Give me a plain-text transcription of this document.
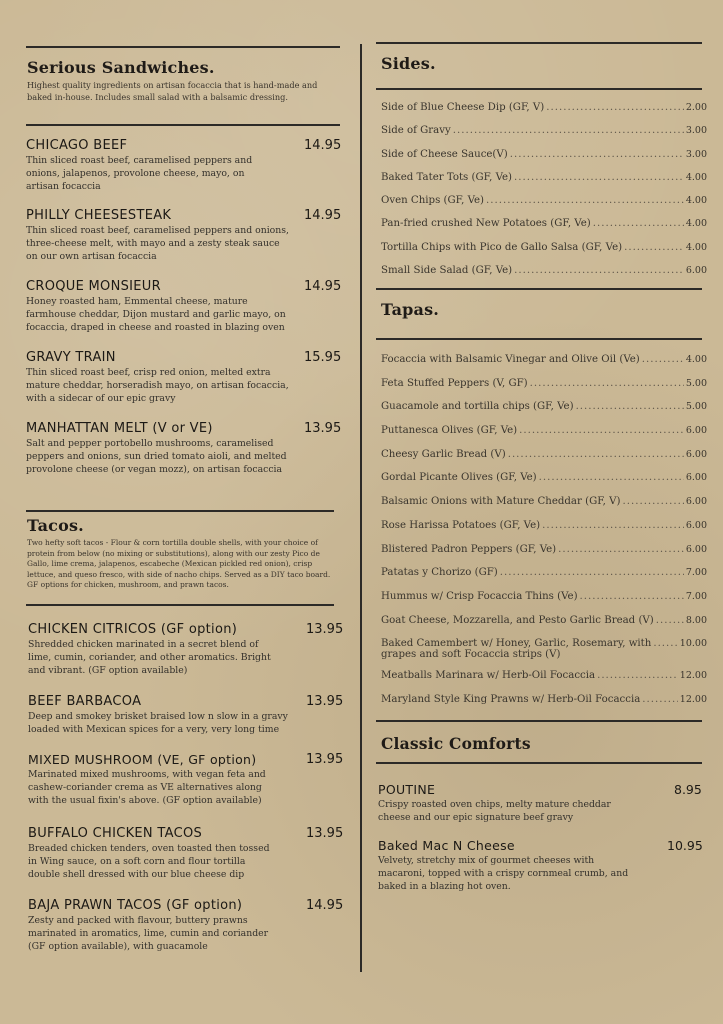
Serious Sandwiches.
Highest quality ingredients on artisan focaccia that is hand-made and baked in-house. Includes small salad with a balsamic dressing.
CHICAGO BEEF	14.95
Thin sliced roast beef, caramelised peppers and onions, jalapenos, provolone cheese, mayo, on artisan focaccia
PHILLY CHEESESTEAK	14.95
Thin sliced roast beef, caramelised peppers and onions, three-cheese melt, with mayo and a zesty steak sauce on our own artisan focaccia
CROQUE MONSIEUR	14.95
Honey roasted ham, Emmental cheese, mature farmhouse cheddar, Dijon mustard and garlic mayo, on focaccia, draped in cheese and roasted in blazing oven
GRAVY TRAIN	15.95
Thin sliced roast beef, crisp red onion, melted extra mature cheddar, horseradish mayo, on artisan focaccia, with a sidecar of our epic gravy
MANHATTAN MELT (V or VE)	13.95
Salt and pepper portobello mushrooms, caramelised peppers and onions, sun dried tomato aioli, and melted provolone cheese (or vegan mozz), on artisan focaccia
Tacos.
Two hefty soft tacos - Flour & corn tortilla double shells, with your choice of protein from below (no mixing or substitutions), along with our zesty Pico de Gallo, lime crema, jalapenos, escabeche (Mexican pickled red onion), crisp lettuce, and queso fresco, with side of nacho chips. Served as a DIY taco board. GF options for chicken, mushroom, and prawn tacos.
CHICKEN CITRICOS (GF option)	13.95
Shredded chicken marinated in a secret blend of lime, cumin, coriander, and other aromatics. Bright and vibrant. (GF option available)
BEEF BARBACOA	13.95
Deep and smokey brisket braised low n slow in a gravy loaded with Mexican spices for a very, very long time
MIXED MUSHROOM (VE, GF option)	13.95
Marinated mixed mushrooms, with vegan feta and cashew-coriander crema as VE alternatives along with the usual fixin's above. (GF option available)
BUFFALO CHICKEN TACOS	13.95
Breaded chicken tenders, oven toasted then tossed in Wing sauce, on a soft corn and flour tortilla double shell dressed with our blue cheese dip
BAJA PRAWN TACOS (GF option)	14.95
Zesty and packed with flavour, buttery prawns marinated in aromatics, lime, cumin and coriander (GF option available), with guacamole
Sides.
Side of Blue Cheese Dip (GF, V) .....	2.00
Side of Gravy .....	3.00
Side of Cheese Sauce(V) .....	3.00
Baked Tater Tots (GF, Ve) .....	4.00
Oven Chips (GF, Ve) .....	4.00
Pan-fried crushed New Potatoes (GF, Ve) .....	4.00
Tortilla Chips with Pico de Gallo Salsa (GF, Ve) .....	4.00
Small Side Salad (GF, Ve) .....	6.00
Tapas.
Focaccia with Balsamic Vinegar and Olive Oil (Ve) .....	4.00
Feta Stuffed Peppers (V, GF) .....	5.00
Guacamole and tortilla chips (GF, Ve) .....	5.00
Puttanesca Olives (GF, Ve) .....	6.00
Cheesy Garlic Bread (V) .....	6.00
Gordal Picante Olives (GF, Ve) .....	6.00
Balsamic Onions with Mature Cheddar (GF, V) .....	6.00
Rose Harissa Potatoes (GF, Ve) .....	6.00
Blistered Padron Peppers (GF, Ve) .....	6.00
Patatas y Chorizo (GF) .....	7.00
Hummus w/ Crisp Focaccia Thins (Ve) .....	7.00
Goat Cheese, Mozzarella, and Pesto Garlic Bread (V) .....	8.00
Baked Camembert w/ Honey, Garlic, Rosemary, with .....	10.00
grapes and soft Focaccia strips (V)
Meatballs Marinara w/ Herb-Oil Focaccia .....	12.00
Maryland Style King Prawns w/ Herb-Oil Focaccia .....	12.00
Classic Comforts
POUTINE	8.95
Crispy roasted oven chips, melty mature cheddar cheese and our epic signature beef gravy
Baked Mac N Cheese	10.95
Velvety, stretchy mix of gourmet cheeses with macaroni, topped with a crispy cornmeal crumb, and baked in a blazing hot oven.
